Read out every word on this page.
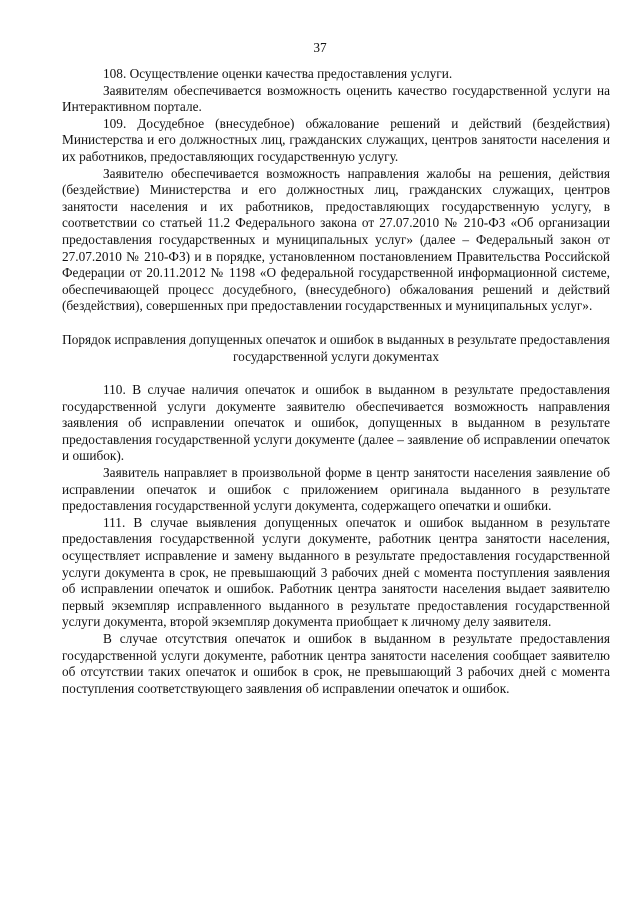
37

108. Осуществление оценки качества предоставления услуги.

Заявителям обеспечивается возможность оценить качество государственной услуги на Интерактивном портале.

109. Досудебное (внесудебное) обжалование решений и действий (бездействия) Министерства и его должностных лиц, гражданских служащих, центров занятости населения и их работников, предоставляющих государственную услугу.

Заявителю обеспечивается возможность направления жалобы на решения, действия (бездействие) Министерства и его должностных лиц, гражданских служащих, центров занятости населения и их работников, предоставляющих государственную услугу, в соответствии со статьей 11.2 Федерального закона от 27.07.2010 № 210-ФЗ «Об организации предоставления государственных и муниципальных услуг» (далее – Федеральный закон от 27.07.2010 № 210-ФЗ) и в порядке, установленном постановлением Правительства Российской Федерации от 20.11.2012 № 1198 «О федеральной государственной информационной системе, обеспечивающей процесс досудебного, (внесудебного) обжалования решений и действий (бездействия), совершенных при предоставлении государственных и муниципальных услуг».

Порядок исправления допущенных опечаток и ошибок в выданных в результате предоставления государственной услуги документах

110. В случае наличия опечаток и ошибок в выданном в результате предоставления государственной услуги документе заявителю обеспечивается возможность направления заявления об исправлении опечаток и ошибок, допущенных в выданном в результате предоставления государственной услуги документе (далее – заявление об исправлении опечаток и ошибок).

Заявитель направляет в произвольной форме в центр занятости населения заявление об исправлении опечаток и ошибок с приложением оригинала выданного в результате предоставления государственной услуги документа, содержащего опечатки и ошибки.

111. В случае выявления допущенных опечаток и ошибок выданном в результате предоставления государственной услуги документе, работник центра занятости населения, осуществляет исправление и замену выданного в результате предоставления государственной услуги документа в срок, не превышающий 3 рабочих дней с момента поступления заявления об исправлении опечаток и ошибок. Работник центра занятости населения выдает заявителю первый экземпляр исправленного выданного в результате предоставления государственной услуги документа, второй экземпляр документа приобщает к личному делу заявителя.

В случае отсутствия опечаток и ошибок в выданном в результате предоставления государственной услуги документе, работник центра занятости населения сообщает заявителю об отсутствии таких опечаток и ошибок в срок, не превышающий 3 рабочих дней с момента поступления соответствующего заявления об исправлении опечаток и ошибок.
